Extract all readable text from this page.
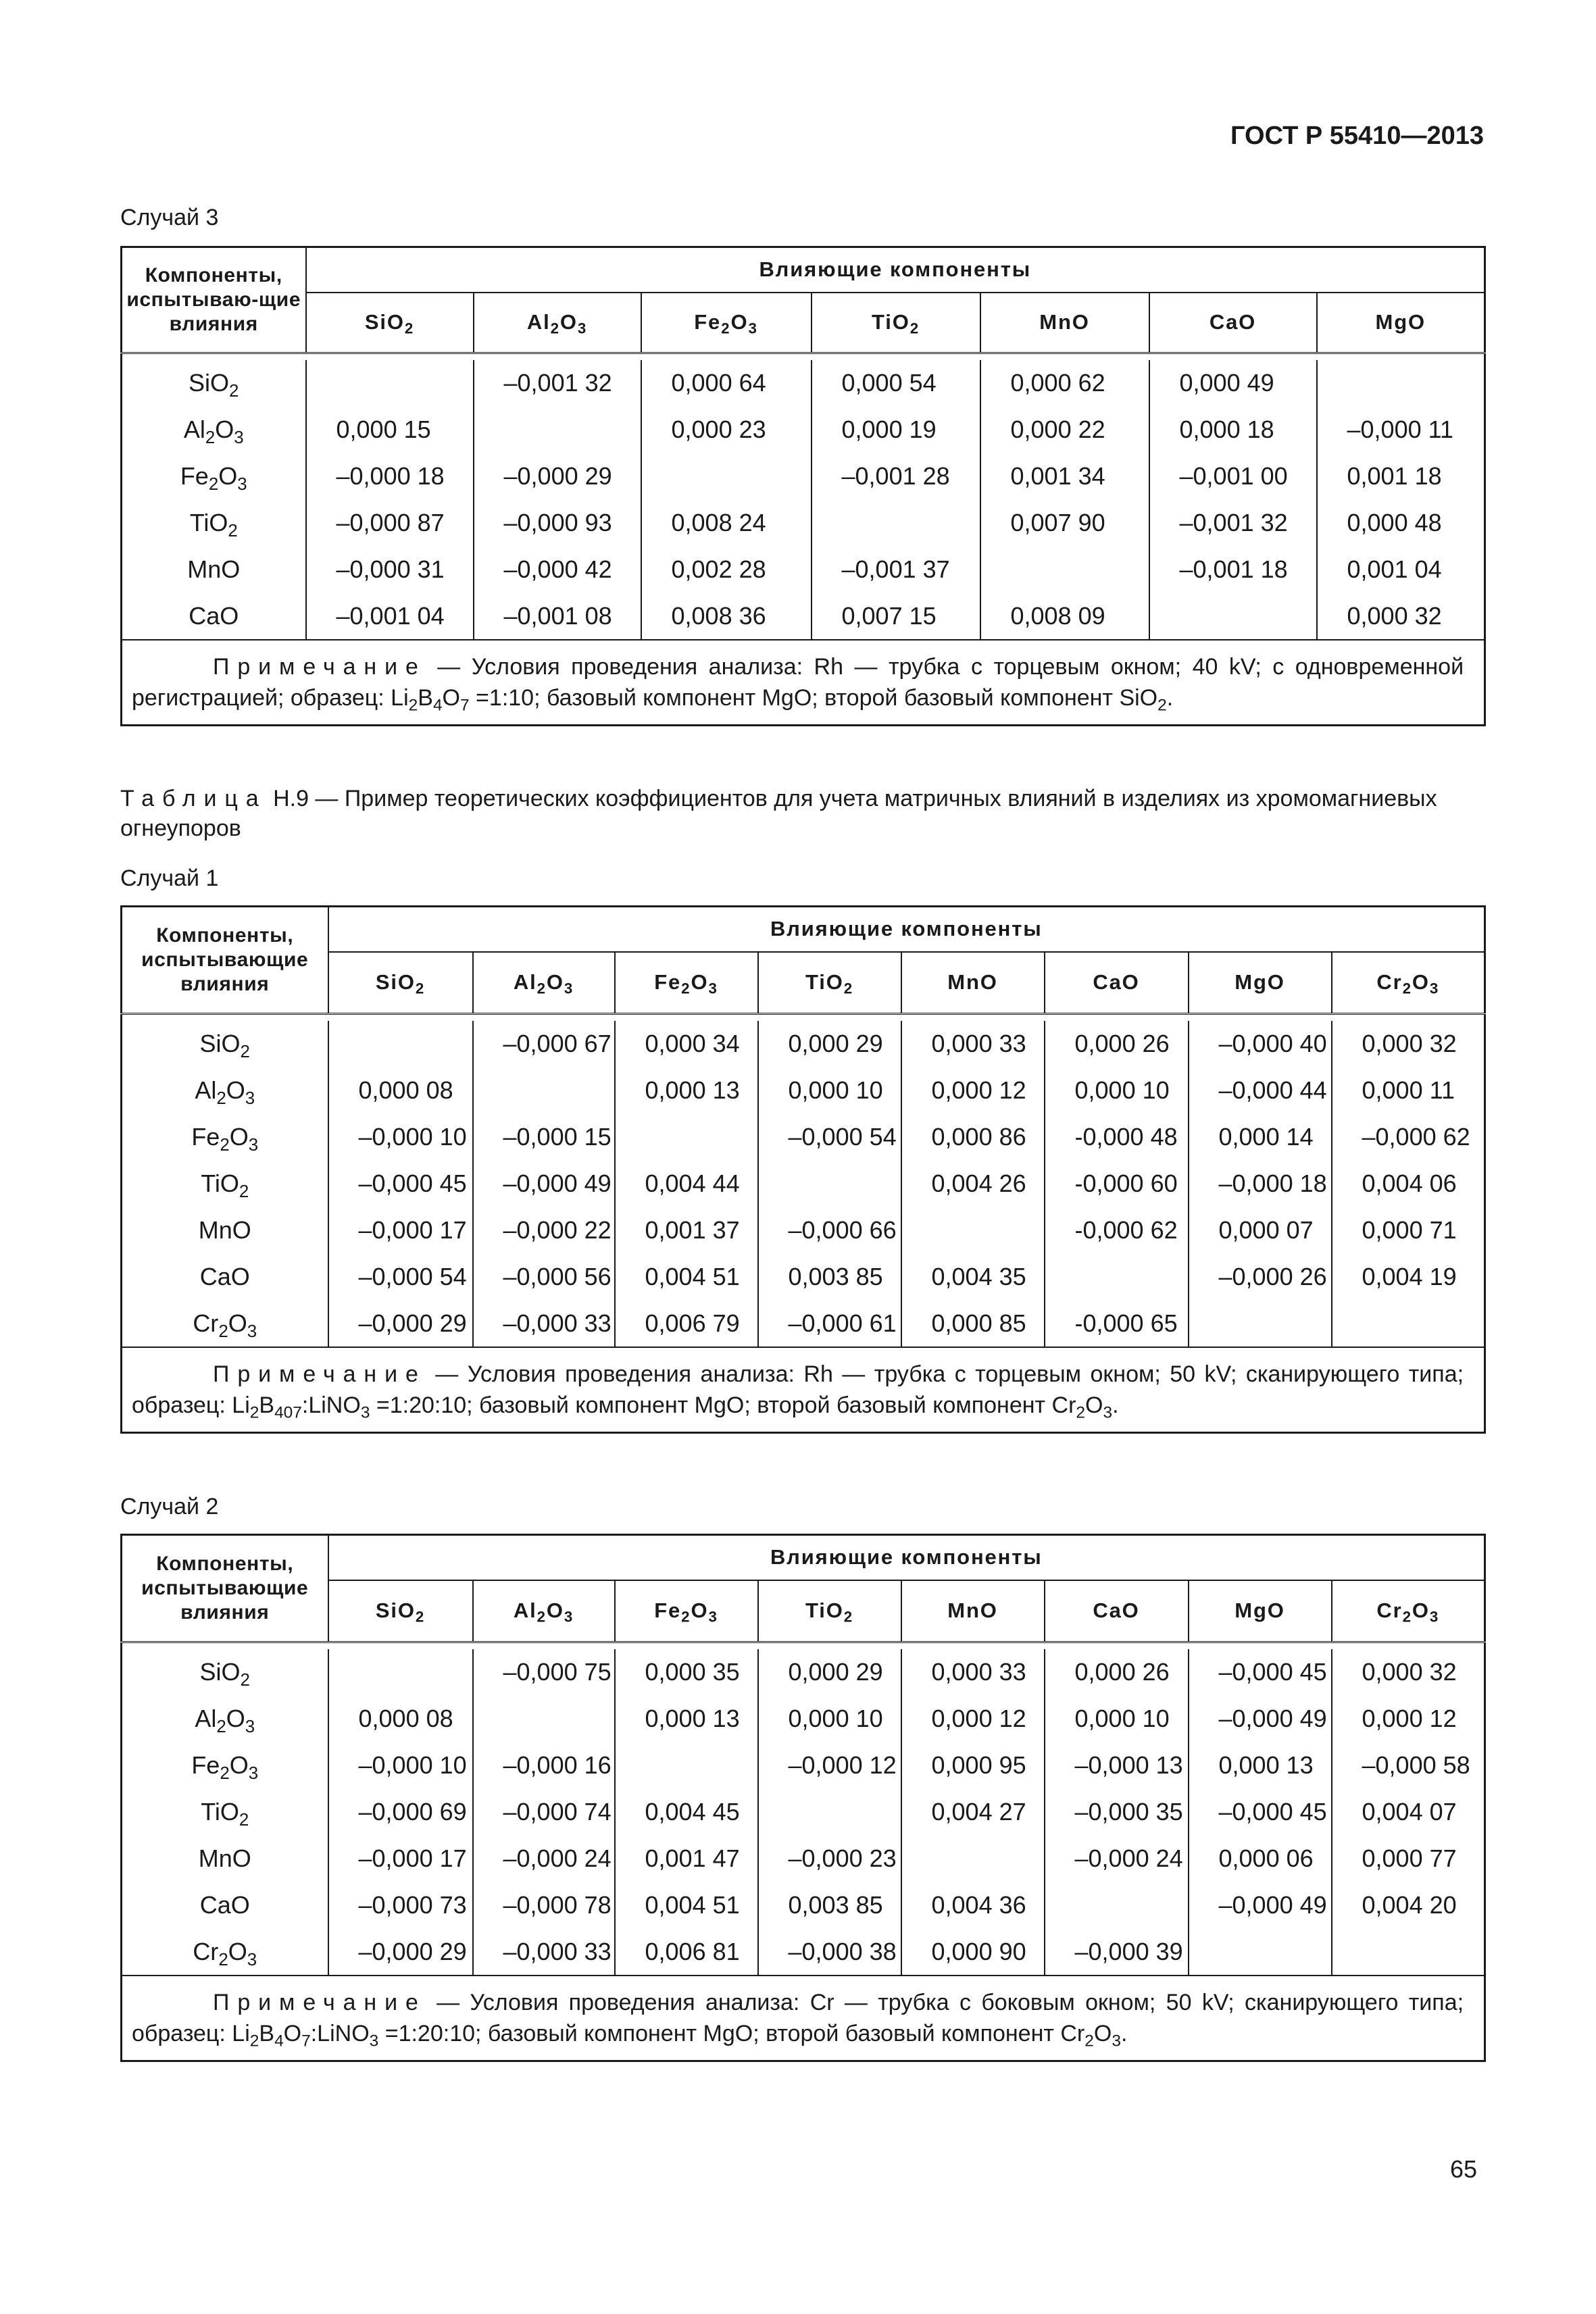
ГОСТ Р 55410—2013
Случай 3
Компоненты, испытываю-щие влияния	Влияющие компоненты						
	SiO$_2$	$Al_2O_3$	$Fe_2O_3$	TiO$_2$	MnO	CaO	MgO

SiO$_2$		–0,001 32	0,000 64	0,000 54	0,000 62	0,000 49	
$Al_2O_3$	0,000 15		0,000 23	0,000 19	0,000 22	0,000 18	–0,000 11
$Fe_2O_3$	–0,000 18	–0,000 29		–0,001 28	0,001 34	–0,001 00	0,001 18
TiO$_2$	–0,000 87	–0,000 93	0,008 24		0,007 90	–0,001 32	0,000 48
MnO	–0,000 31	–0,000 42	0,002 28	–0,001 37		–0,001 18	0,001 04
CaO	–0,001 04	–0,001 08	0,008 36	0,007 15	0,008 09		0,000 32
Примечание — Условия проведения анализа: Rh — трубка с торцевым окном; 40 kV; с одновременной регистрацией; образец: $Li_2B_4O_7$ =1:10; базовый компонент MgO; второй базовый компонент SiO$_2$.							
Таблица Н.9 — Пример теоретических коэффициентов для учета матричных влияний в изделиях из хромомагниевых огнеупоров
Случай 1
Компоненты, испытывающие влияния	Влияющие компоненты							
	SiO$_2$	$Al_2O_3$	$Fe_2O_3$	TiO$_2$	MnO	CaO	MgO	$Cr_2O_3$

SiO$_2$		–0,000 67	0,000 34	0,000 29	0,000 33	0,000 26	–0,000 40	0,000 32
$Al_2O_3$	0,000 08		0,000 13	0,000 10	0,000 12	0,000 10	–0,000 44	0,000 11
$Fe_2O_3$	–0,000 10	–0,000 15		–0,000 54	0,000 86	-0,000 48	0,000 14	–0,000 62
TiO$_2$	–0,000 45	–0,000 49	0,004 44		0,004 26	-0,000 60	–0,000 18	0,004 06
MnO	–0,000 17	–0,000 22	0,001 37	–0,000 66		-0,000 62	0,000 07	0,000 71
CaO	–0,000 54	–0,000 56	0,004 51	0,003 85	0,004 35		–0,000 26	0,004 19
$Cr_2O_3$	–0,000 29	–0,000 33	0,006 79	–0,000 61	0,000 85	-0,000 65		
Примечание — Условия проведения анализа: Rh — трубка с торцевым окном; 50 kV; сканирующего типа; образец: $Li_2B_{407}:LiNO_3$ =1:20:10; базовый компонент MgO; второй базовый компонент $Cr_2O_3$.								
Случай 2
Компоненты, испытывающие влияния	Влияющие компоненты							
	SiO$_2$	$Al_2O_3$	$Fe_2O_3$	TiO$_2$	MnO	CaO	MgO	$Cr_2O_3$

SiO$_2$		–0,000 75	0,000 35	0,000 29	0,000 33	0,000 26	–0,000 45	0,000 32
$Al_2O_3$	0,000 08		0,000 13	0,000 10	0,000 12	0,000 10	–0,000 49	0,000 12
$Fe_2O_3$	–0,000 10	–0,000 16		–0,000 12	0,000 95	–0,000 13	0,000 13	–0,000 58
TiO$_2$	–0,000 69	–0,000 74	0,004 45		0,004 27	–0,000 35	–0,000 45	0,004 07
MnO	–0,000 17	–0,000 24	0,001 47	–0,000 23		–0,000 24	0,000 06	0,000 77
CaO	–0,000 73	–0,000 78	0,004 51	0,003 85	0,004 36		–0,000 49	0,004 20
$Cr_2O_3$	–0,000 29	–0,000 33	0,006 81	–0,000 38	0,000 90	–0,000 39		
Примечание — Условия проведения анализа: Cr — трубка с боковым окном; 50 kV; сканирующего типа; образец: $Li_2B_4O_7:LiNO_3$ =1:20:10; базовый компонент MgO; второй базовый компонент $Cr_2O_3$.								
65
